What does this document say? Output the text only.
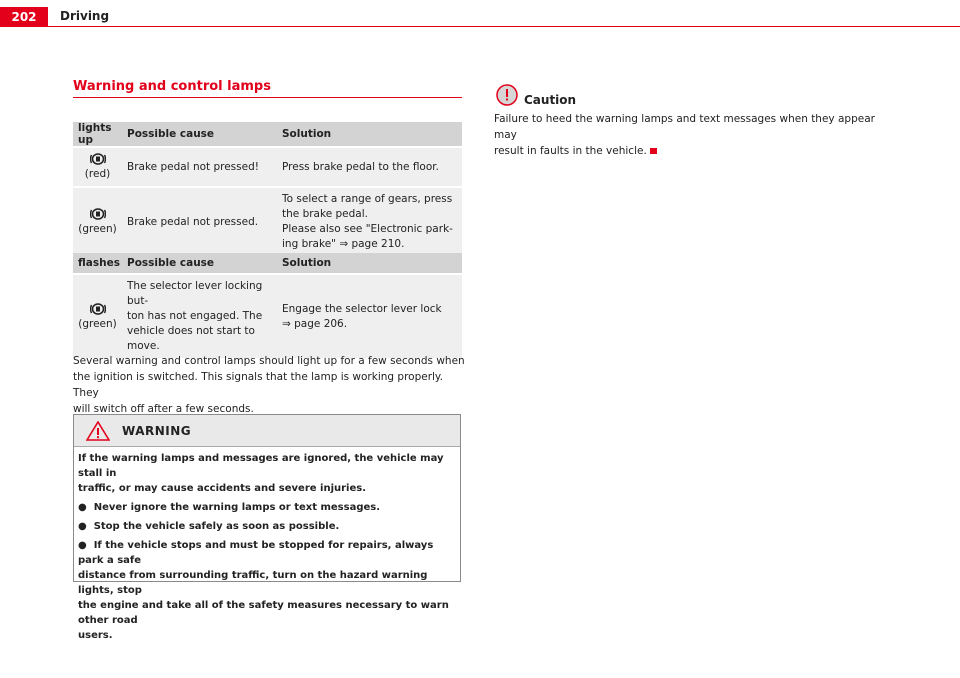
202	Driving
Warning and control lamps
lights up	Possible cause	Solution
(red)	Brake pedal not pressed!	Press brake pedal to the floor.

(green)	Brake pedal not pressed.	To select a range of gears, press
the brake pedal.
Please also see "Electronic park-
ing brake" ⇒ page 210.
flashes	Possible cause	Solution

(green)	The selector lever locking but-
ton has not engaged. The
vehicle does not start to
move.	Engage the selector lever lock
⇒ page 206.
Several warning and control lamps should light up for a few seconds when
the ignition is switched. This signals that the lamp is working properly. They
will switch off after a few seconds.
WARNING

If the warning lamps and messages are ignored, the vehicle may stall in
traffic, or may cause accidents and severe injuries.

● Never ignore the warning lamps or text messages.
● Stop the vehicle safely as soon as possible.
● If the vehicle stops and must be stopped for repairs, always park a safe
distance from surrounding traffic, turn on the hazard warning lights, stop
the engine and take all of the safety measures necessary to warn other road
users.
Caution
Failure to heed the warning lamps and text messages when they appear may
result in faults in the vehicle.
